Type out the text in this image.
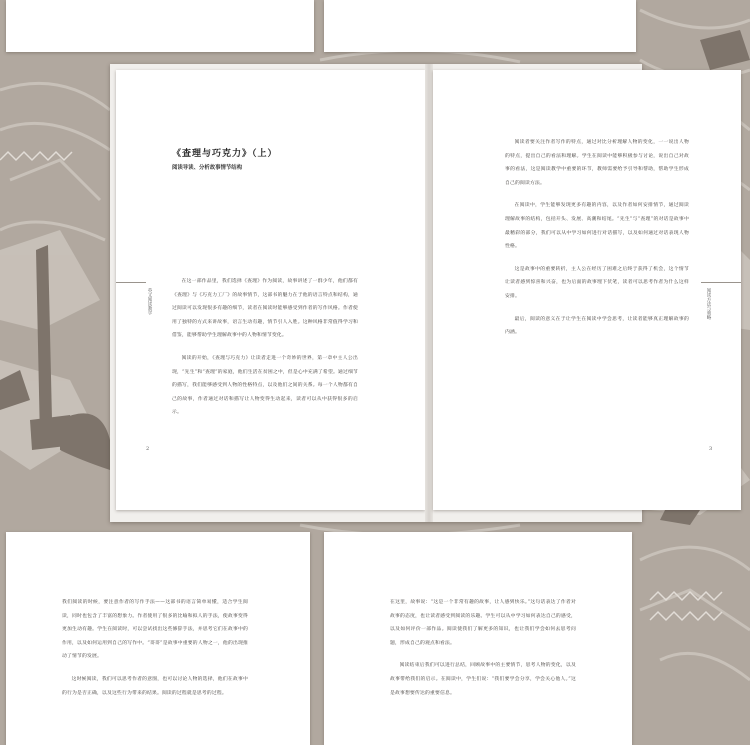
《查理与巧克力》（上）
阅读导读、分析故事情节结构
英文阅读教学

在这一部作品里，我们选择《查理》作为阅读，故事讲述了一群少年，他们都有《查理》与《巧克力工厂》的故事情节，这部书的魅力在于他的语言特点和结构，通过阅读可以发现很多有趣的细节，读者在阅读时能够感受到作者的写作风格。作者使用了独特的方式来讲故事，语言生动有趣，情节引人入胜。这种风格非常值得学习和借鉴，能够帮助学生理解故事中的人物和情节变化。

阅读的开始，《查理与巧克力》让读者走进一个奇妙的世界，第一章中主人公出现，“先生”和“查理”的家庭，他们生活在贫困之中，但是心中充满了希望。通过细节的描写，我们能够感受到人物的性格特点，以及他们之间的关系。每一个人物都有自己的故事，作者通过对话和描写让人物变得生动起来，读者可以从中获得很多的启示。

2

阅读者要关注作者写作的特点，通过对比分析理解人物的变化，一一说出人物的特点，提出自己的看法和理解。学生在阅读中能够积极参与讨论，说出自己对故事的看法，这是阅读教学中重要的环节，教师需要给予引导和帮助，帮助学生形成自己的阅读方法。

在阅读中，学生能够发现更多有趣的内容，以及作者如何安排情节，通过阅读理解故事的结构，包括开头、发展、高潮和结尾。“先生”与“查理”的对话是故事中最精彩的部分，我们可以从中学习如何进行对话描写，以及如何通过对话表现人物性格。

这是故事中的重要转折，主人公在经历了困难之后终于获得了机会，这个情节让读者感到惊喜和兴奋，也为后面的故事埋下伏笔，读者可以思考作者为什么这样安排。

最后，阅读的意义在于让学生在阅读中学会思考，让读者能够真正理解故事的内涵。

阅读方法与策略
3

我们阅读的时候，要注意作者的写作手法——这部书的语言简单易懂，适合学生阅读，同时也包含了丰富的想象力。作者使用了很多的比喻和拟人的手法，使故事变得更加生动有趣。学生在阅读时，可以尝试找出这些修辞手法，并思考它们在故事中的作用，以及如何运用到自己的写作中。“哥哥”是故事中重要的人物之一，他的出现推动了情节的发展。

这时候阅读，我们可以思考作者的意图，也可以讨论人物的选择，他们在故事中的行为是否正确，以及这些行为带来的结果。阅读的过程就是思考的过程。

在这里，故事说：“这是一个非常有趣的故事，让人感到快乐。”这句话表达了作者对故事的态度，也让读者感受到阅读的乐趣。学生可以从中学习如何表达自己的感受，以及如何评价一部作品。阅读使我们了解更多的知识，也让我们学会如何去思考问题，形成自己的观点和看法。

阅读结束后我们可以进行总结，回顾故事中的主要情节，思考人物的变化，以及故事带给我们的启示。在阅读中，学生们说：“我们要学会分享，学会关心他人。”这是故事想要传达的重要信息。
